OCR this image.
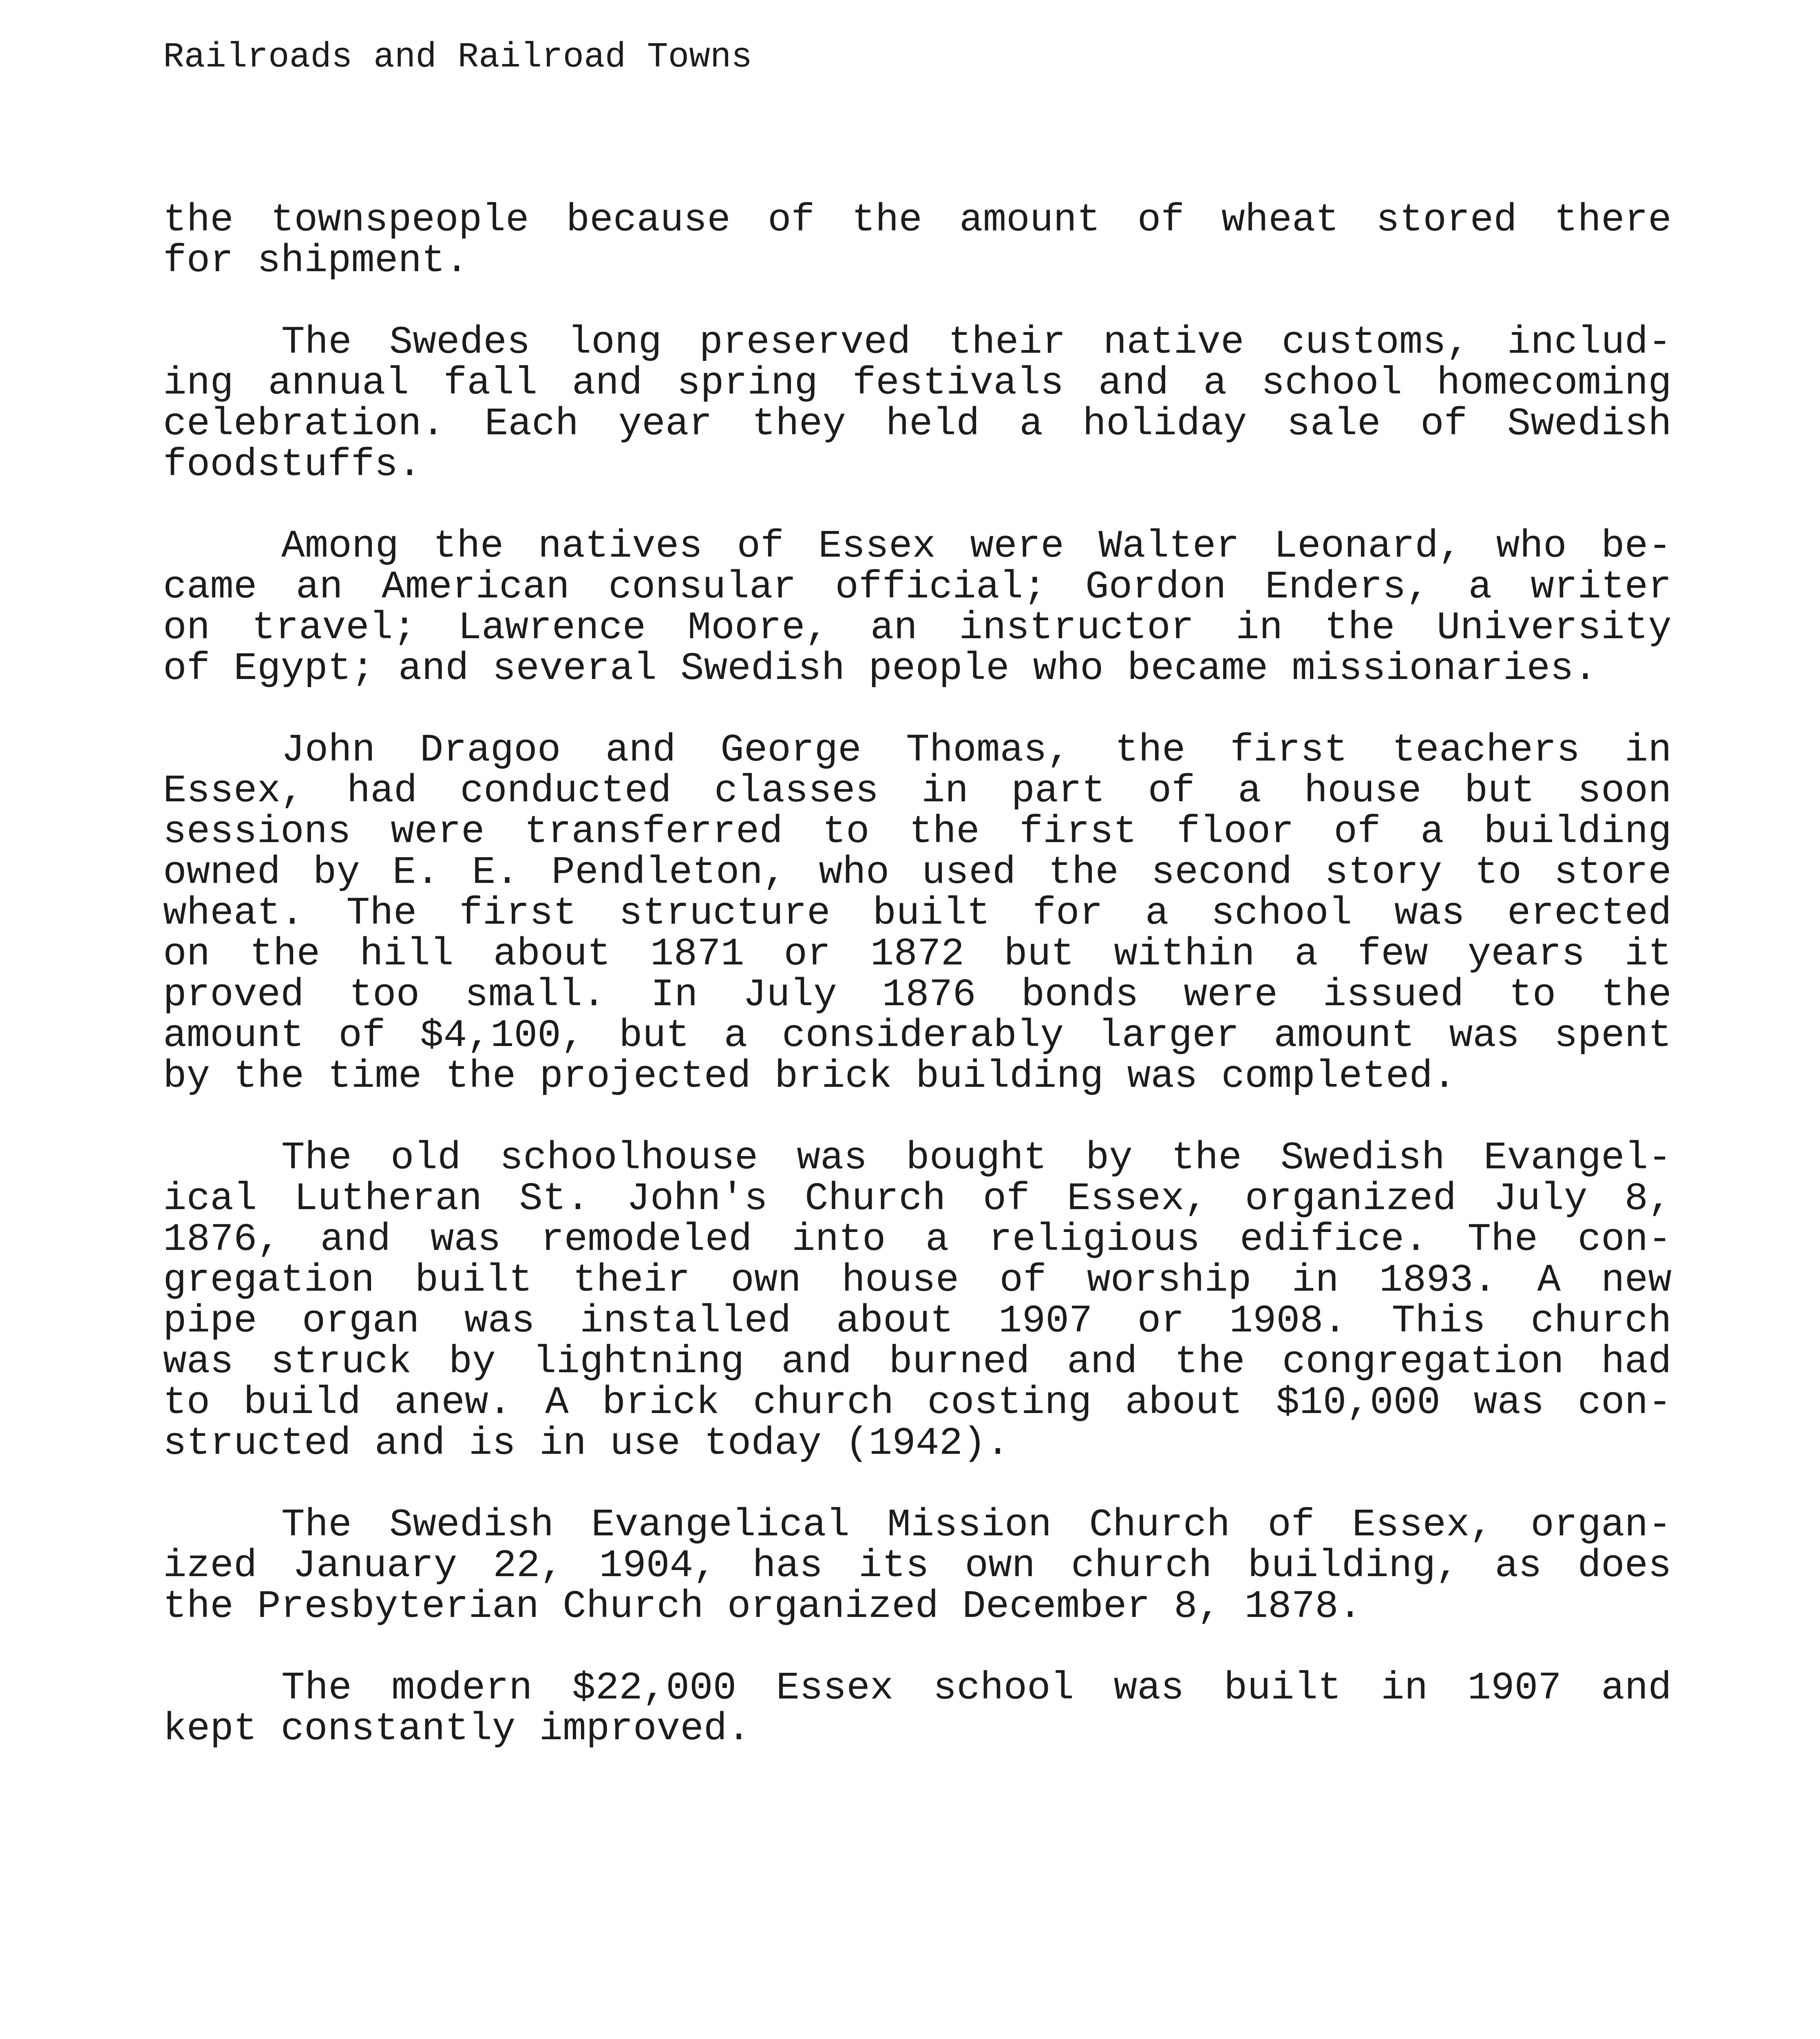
Railroads and Railroad Towns
the townspeople because of the amount of wheat stored there
for shipment.
The Swedes long preserved their native customs, includ-
ing annual fall and spring festivals and a school homecoming
celebration. Each year they held a holiday sale of Swedish
foodstuffs.
Among the natives of Essex were Walter Leonard, who be-
came an American consular official; Gordon Enders, a writer
on travel; Lawrence Moore, an instructor in the University
of Egypt; and several Swedish people who became missionaries.
John Dragoo and George Thomas, the first teachers in
Essex, had conducted classes in part of a house but soon
sessions were transferred to the first floor of a building
owned by E. E. Pendleton, who used the second story to store
wheat. The first structure built for a school was erected
on the hill about 1871 or 1872 but within a few years it
proved too small. In July 1876 bonds were issued to the
amount of $4,100, but a considerably larger amount was spent
by the time the projected brick building was completed.
The old schoolhouse was bought by the Swedish Evangel-
ical Lutheran St. John's Church of Essex, organized July 8,
1876, and was remodeled into a religious edifice. The con-
gregation built their own house of worship in 1893. A new
pipe organ was installed about 1907 or 1908. This church
was struck by lightning and burned and the congregation had
to build anew. A brick church costing about $10,000 was con-
structed and is in use today (1942).
The Swedish Evangelical Mission Church of Essex, organ-
ized January 22, 1904, has its own church building, as does
the Presbyterian Church organized December 8, 1878.
The modern $22,000 Essex school was built in 1907 and
kept constantly improved.
